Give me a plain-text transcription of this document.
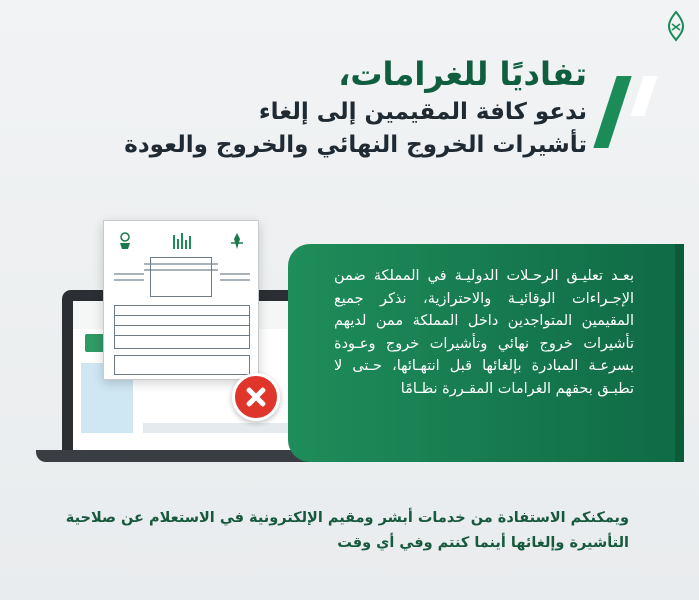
تفاديًا للغرامات،
ندعو كافة المقيمين إلى إلغاء
تأشيرات الخروج النهائي والخروج والعودة
بعـد تعليـق الرحـلات الدوليـة في المملكة ضمن الإجـراءات الوقائيـة والاحترازية، نذكر جميع المقيمين المتواجدين داخل المملكة ممن لديهم تأشيرات خروج نهائي وتأشيرات خروج وعـودة بسرعـة المبادرة بإلغائها قبل انتهـائها، حـتى لا تطبـق بحقهم الغرامات المقـررة نظـامًا
ويمكنكم الاستفادة من خدمات أبشر ومقيم الإلكترونية في الاستعلام عن صلاحية
التأشيرة وإلغائها أينما كنتم وفي أي وقت
